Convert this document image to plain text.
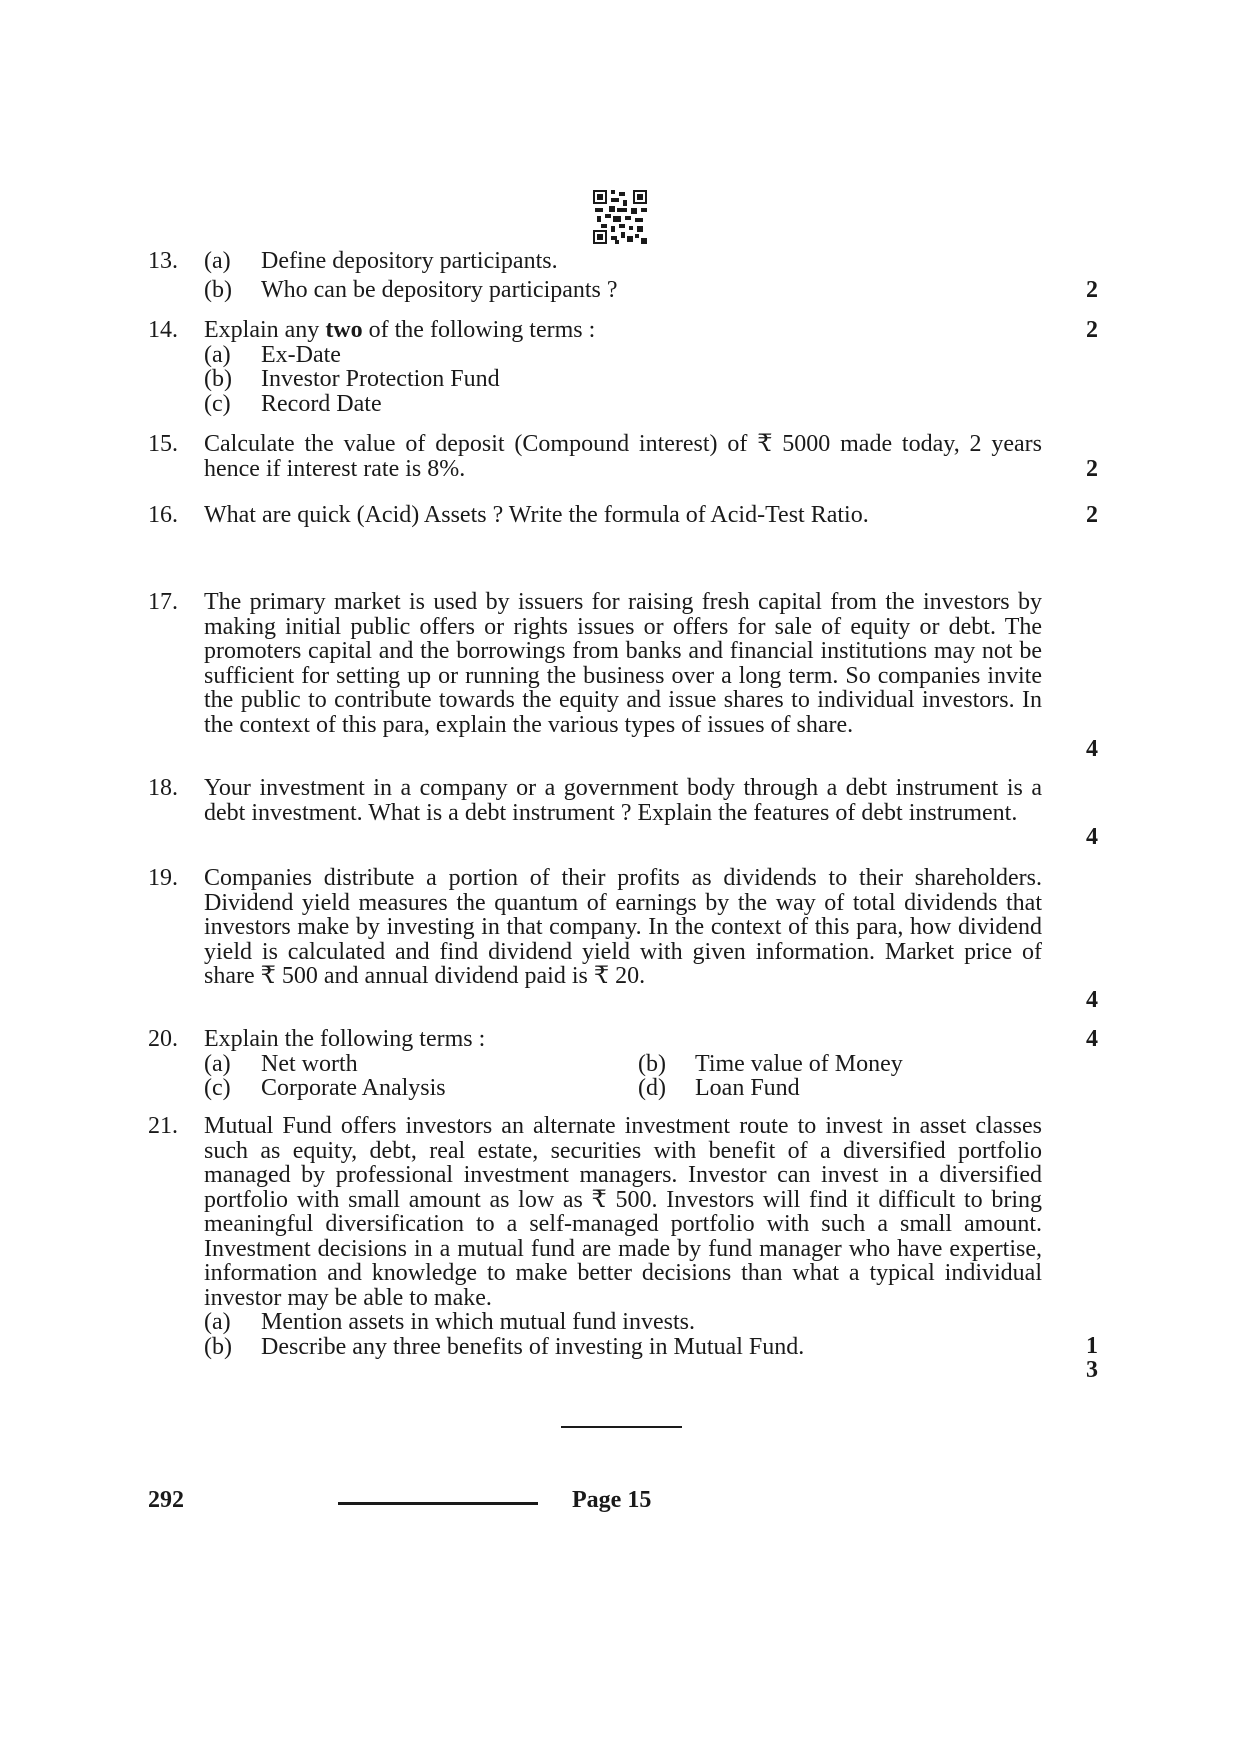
13.	(a) Define depository participants.
(b) Who can be depository participants ?	2
14.	Explain any two of the following terms :
(a) Ex-Date
(b) Investor Protection Fund
(c) Record Date
2
15.	Calculate the value of deposit (Compound interest) of ₹ 5000 made today, 2 years hence if interest rate is 8%.	2
16.	What are quick (Acid) Assets ? Write the formula of Acid-Test Ratio.	2
17.	The primary market is used by issuers for raising fresh capital from the investors by making initial public offers or rights issues or offers for sale of equity or debt. The promoters capital and the borrowings from banks and financial institutions may not be sufficient for setting up or running the business over a long term. So companies invite the public to contribute towards the equity and issue shares to individual investors. In the context of this para, explain the various types of issues of share.

4
18.	Your investment in a company or a government body through a debt instrument is a debt investment. What is a debt instrument ? Explain the features of debt instrument.

4
19.	Companies distribute a portion of their profits as dividends to their shareholders. Dividend yield measures the quantum of earnings by the way of total dividends that investors make by investing in that company. In the context of this para, how dividend yield is calculated and find dividend yield with given information. Market price of share ₹ 500 and annual dividend paid is ₹ 20.

4
20.	Explain the following terms :
(a) Net worth	(b) Time value of Money
(c) Corporate Analysis	(d) Loan Fund
4
21.	Mutual Fund offers investors an alternate investment route to invest in asset classes such as equity, debt, real estate, securities with benefit of a diversified portfolio managed by professional investment managers. Investor can invest in a diversified portfolio with small amount as low as ₹ 500. Investors will find it difficult to bring meaningful diversification to a self-managed portfolio with such a small amount. Investment decisions in a mutual fund are made by fund manager who have expertise, information and knowledge to make better decisions than what a typical individual investor may be able to make.

(a) Mention assets in which mutual fund invests.
(b) Describe any three benefits of investing in Mutual Fund.	1
3
292	Page 15
